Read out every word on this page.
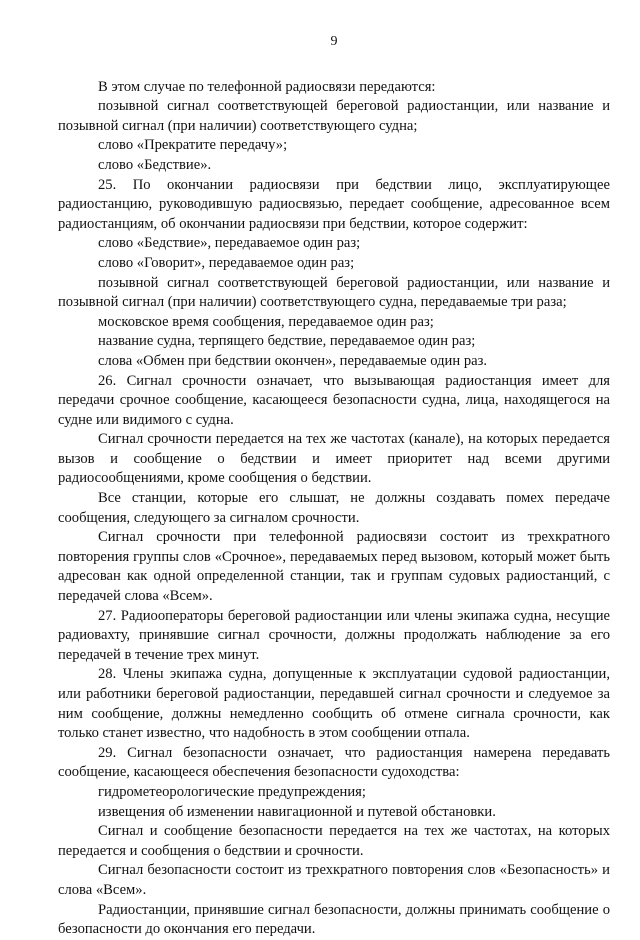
9

В этом случае по телефонной радиосвязи передаются:

позывной сигнал соответствующей береговой радиостанции, или название и позывной сигнал (при наличии) соответствующего судна;

слово «Прекратите передачу»;

слово «Бедствие».

25. По окончании радиосвязи при бедствии лицо, эксплуатирующее радиостанцию, руководившую радиосвязью, передает сообщение, адресованное всем радиостанциям, об окончании радиосвязи при бедствии, которое содержит:

слово «Бедствие», передаваемое один раз;

слово «Говорит», передаваемое один раз;

позывной сигнал соответствующей береговой радиостанции, или название и позывной сигнал (при наличии) соответствующего судна, передаваемые три раза;

московское время сообщения, передаваемое один раз;

название судна, терпящего бедствие, передаваемое один раз;

слова «Обмен при бедствии окончен», передаваемые один раз.

26. Сигнал срочности означает, что вызывающая радиостанция имеет для передачи срочное сообщение, касающееся безопасности судна, лица, находящегося на судне или видимого с судна.

Сигнал срочности передается на тех же частотах (канале), на которых передается вызов и сообщение о бедствии и имеет приоритет над всеми другими радиосообщениями, кроме сообщения о бедствии.

Все станции, которые его слышат, не должны создавать помех передаче сообщения, следующего за сигналом срочности.

Сигнал срочности при телефонной радиосвязи состоит из трехкратного повторения группы слов «Срочное», передаваемых перед вызовом, который может быть адресован как одной определенной станции, так и группам судовых радиостанций, с передачей слова «Всем».

27. Радиооператоры береговой радиостанции или члены экипажа судна, несущие радиовахту, принявшие сигнал срочности, должны продолжать наблюдение за его передачей в течение трех минут.

28. Члены экипажа судна, допущенные к эксплуатации судовой радиостанции, или работники береговой радиостанции, передавшей сигнал срочности и следуемое за ним сообщение, должны немедленно сообщить об отмене сигнала срочности, как только станет известно, что надобность в этом сообщении отпала.

29. Сигнал безопасности означает, что радиостанция намерена передавать сообщение, касающееся обеспечения безопасности судоходства:

гидрометеорологические предупреждения;

извещения об изменении навигационной и путевой обстановки.

Сигнал и сообщение безопасности передается на тех же частотах, на которых передается и сообщения о бедствии и срочности.

Сигнал безопасности состоит из трехкратного повторения слов «Безопасность» и слова «Всем».

Радиостанции, принявшие сигнал безопасности, должны принимать сообщение о безопасности до окончания его передачи.
